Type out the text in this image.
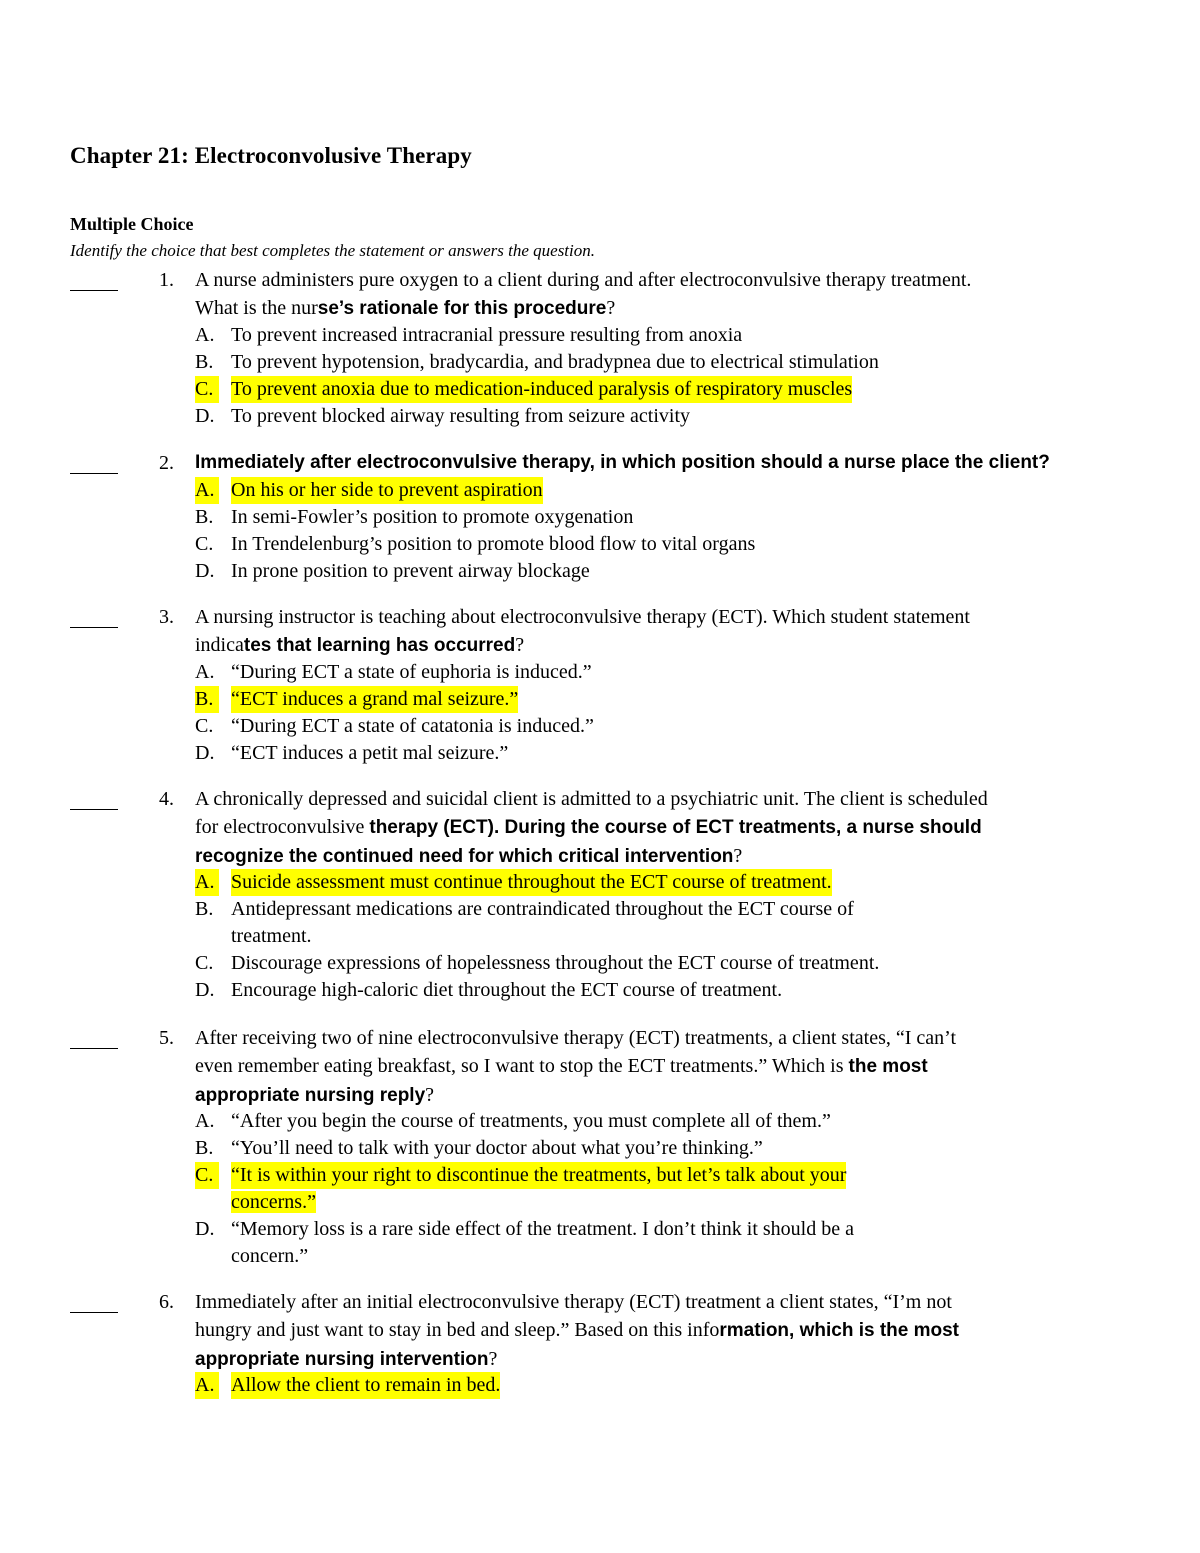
Chapter 21: Electroconvolusive Therapy
Multiple Choice
Identify the choice that best completes the statement or answers the question.
1. A nurse administers pure oxygen to a client during and after electroconvulsive therapy treatment.
What is the nurse’s rationale for this procedure?
A. To prevent increased intracranial pressure resulting from anoxia
B. To prevent hypotension, bradycardia, and bradypnea due to electrical stimulation
C. To prevent anoxia due to medication-induced paralysis of respiratory muscles
D. To prevent blocked airway resulting from seizure activity
2. Immediately after electroconvulsive therapy, in which position should a nurse place the client?
A. On his or her side to prevent aspiration
B. In semi-Fowler’s position to promote oxygenation
C. In Trendelenburg’s position to promote blood flow to vital organs
D. In prone position to prevent airway blockage
3. A nursing instructor is teaching about electroconvulsive therapy (ECT). Which student statement
indicates that learning has occurred?
A. “During ECT a state of euphoria is induced.”
B. “ECT induces a grand mal seizure.”
C. “During ECT a state of catatonia is induced.”
D. “ECT induces a petit mal seizure.”
4. A chronically depressed and suicidal client is admitted to a psychiatric unit. The client is scheduled
for electroconvulsive therapy (ECT). During the course of ECT treatments, a nurse should
recognize the continued need for which critical intervention?
A. Suicide assessment must continue throughout the ECT course of treatment.
B. Antidepressant medications are contraindicated throughout the ECT course of
treatment.
C. Discourage expressions of hopelessness throughout the ECT course of treatment.
D. Encourage high-caloric diet throughout the ECT course of treatment.
5. After receiving two of nine electroconvulsive therapy (ECT) treatments, a client states, “I can’t
even remember eating breakfast, so I want to stop the ECT treatments.” Which is the most
appropriate nursing reply?
A. “After you begin the course of treatments, you must complete all of them.”
B. “You’ll need to talk with your doctor about what you’re thinking.”
C. “It is within your right to discontinue the treatments, but let’s talk about your
concerns.”
D. “Memory loss is a rare side effect of the treatment. I don’t think it should be a
concern.”
6. Immediately after an initial electroconvulsive therapy (ECT) treatment a client states, “I’m not
hungry and just want to stay in bed and sleep.” Based on this information, which is the most
appropriate nursing intervention?
A. Allow the client to remain in bed.
